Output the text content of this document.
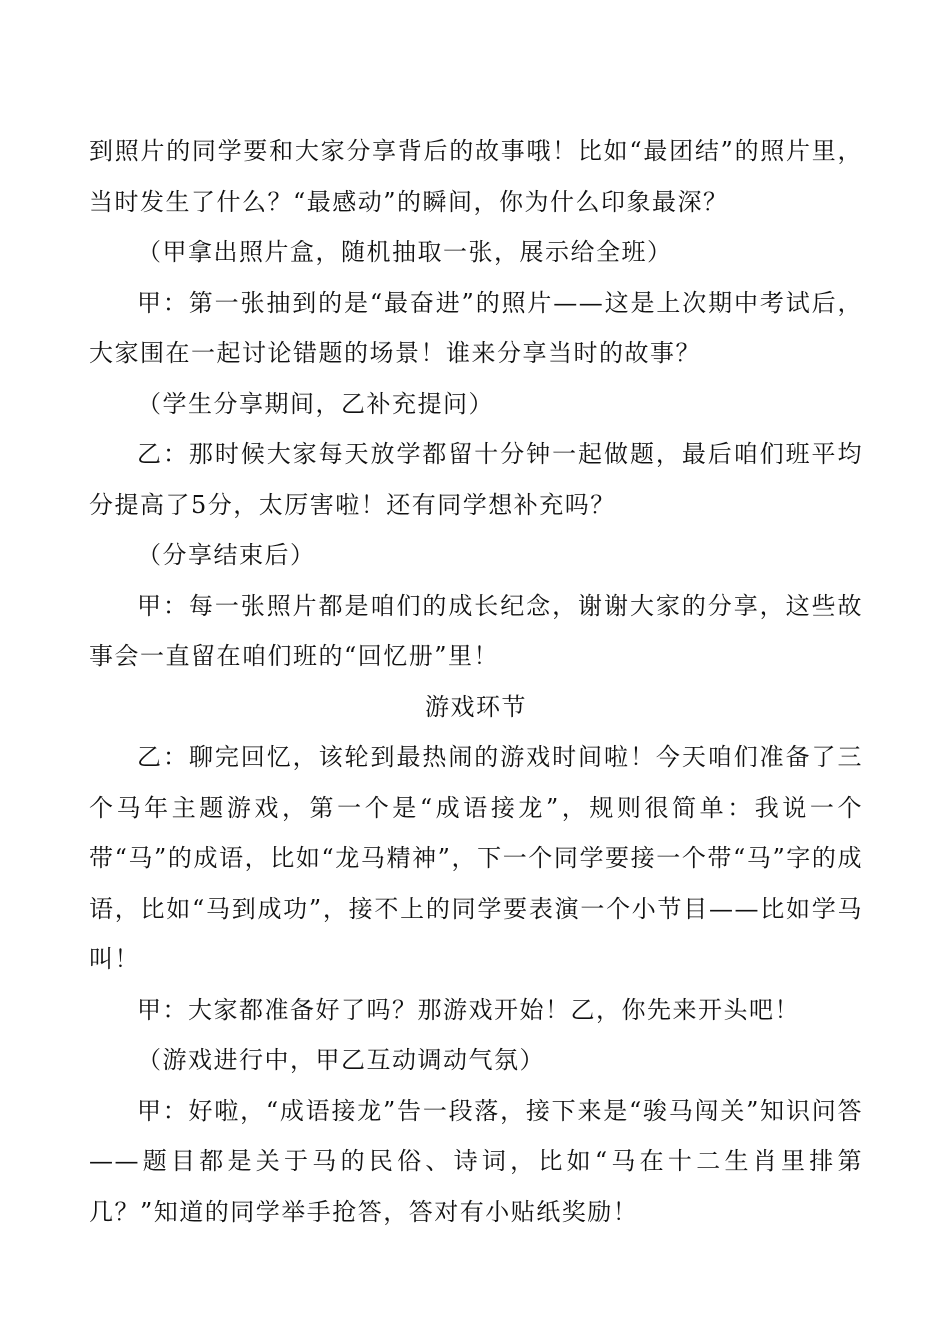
到照片的同学要和大家分享背后的故事哦！比如“最团结”的照片里，当时发生了什么？“最感动”的瞬间，你为什么印象最深？

（甲拿出照片盒，随机抽取一张，展示给全班）

甲：第一张抽到的是“最奋进”的照片——这是上次期中考试后，大家围在一起讨论错题的场景！谁来分享当时的故事？

（学生分享期间，乙补充提问）

乙：那时候大家每天放学都留十分钟一起做题，最后咱们班平均分提高了5分，太厉害啦！还有同学想补充吗？

（分享结束后）

甲：每一张照片都是咱们的成长纪念，谢谢大家的分享，这些故事会一直留在咱们班的“回忆册”里！

游戏环节

乙：聊完回忆，该轮到最热闹的游戏时间啦！今天咱们准备了三个马年主题游戏，第一个是“成语接龙”，规则很简单：我说一个带“马”的成语，比如“龙马精神”，下一个同学要接一个带“马”字的成语，比如“马到成功”，接不上的同学要表演一个小节目——比如学马叫！

甲：大家都准备好了吗？那游戏开始！乙，你先来开头吧！

（游戏进行中，甲乙互动调动气氛）

甲：好啦，“成语接龙”告一段落，接下来是“骏马闯关”知识问答——题目都是关于马的民俗、诗词，比如“马在十二生肖里排第几？”知道的同学举手抢答，答对有小贴纸奖励！
